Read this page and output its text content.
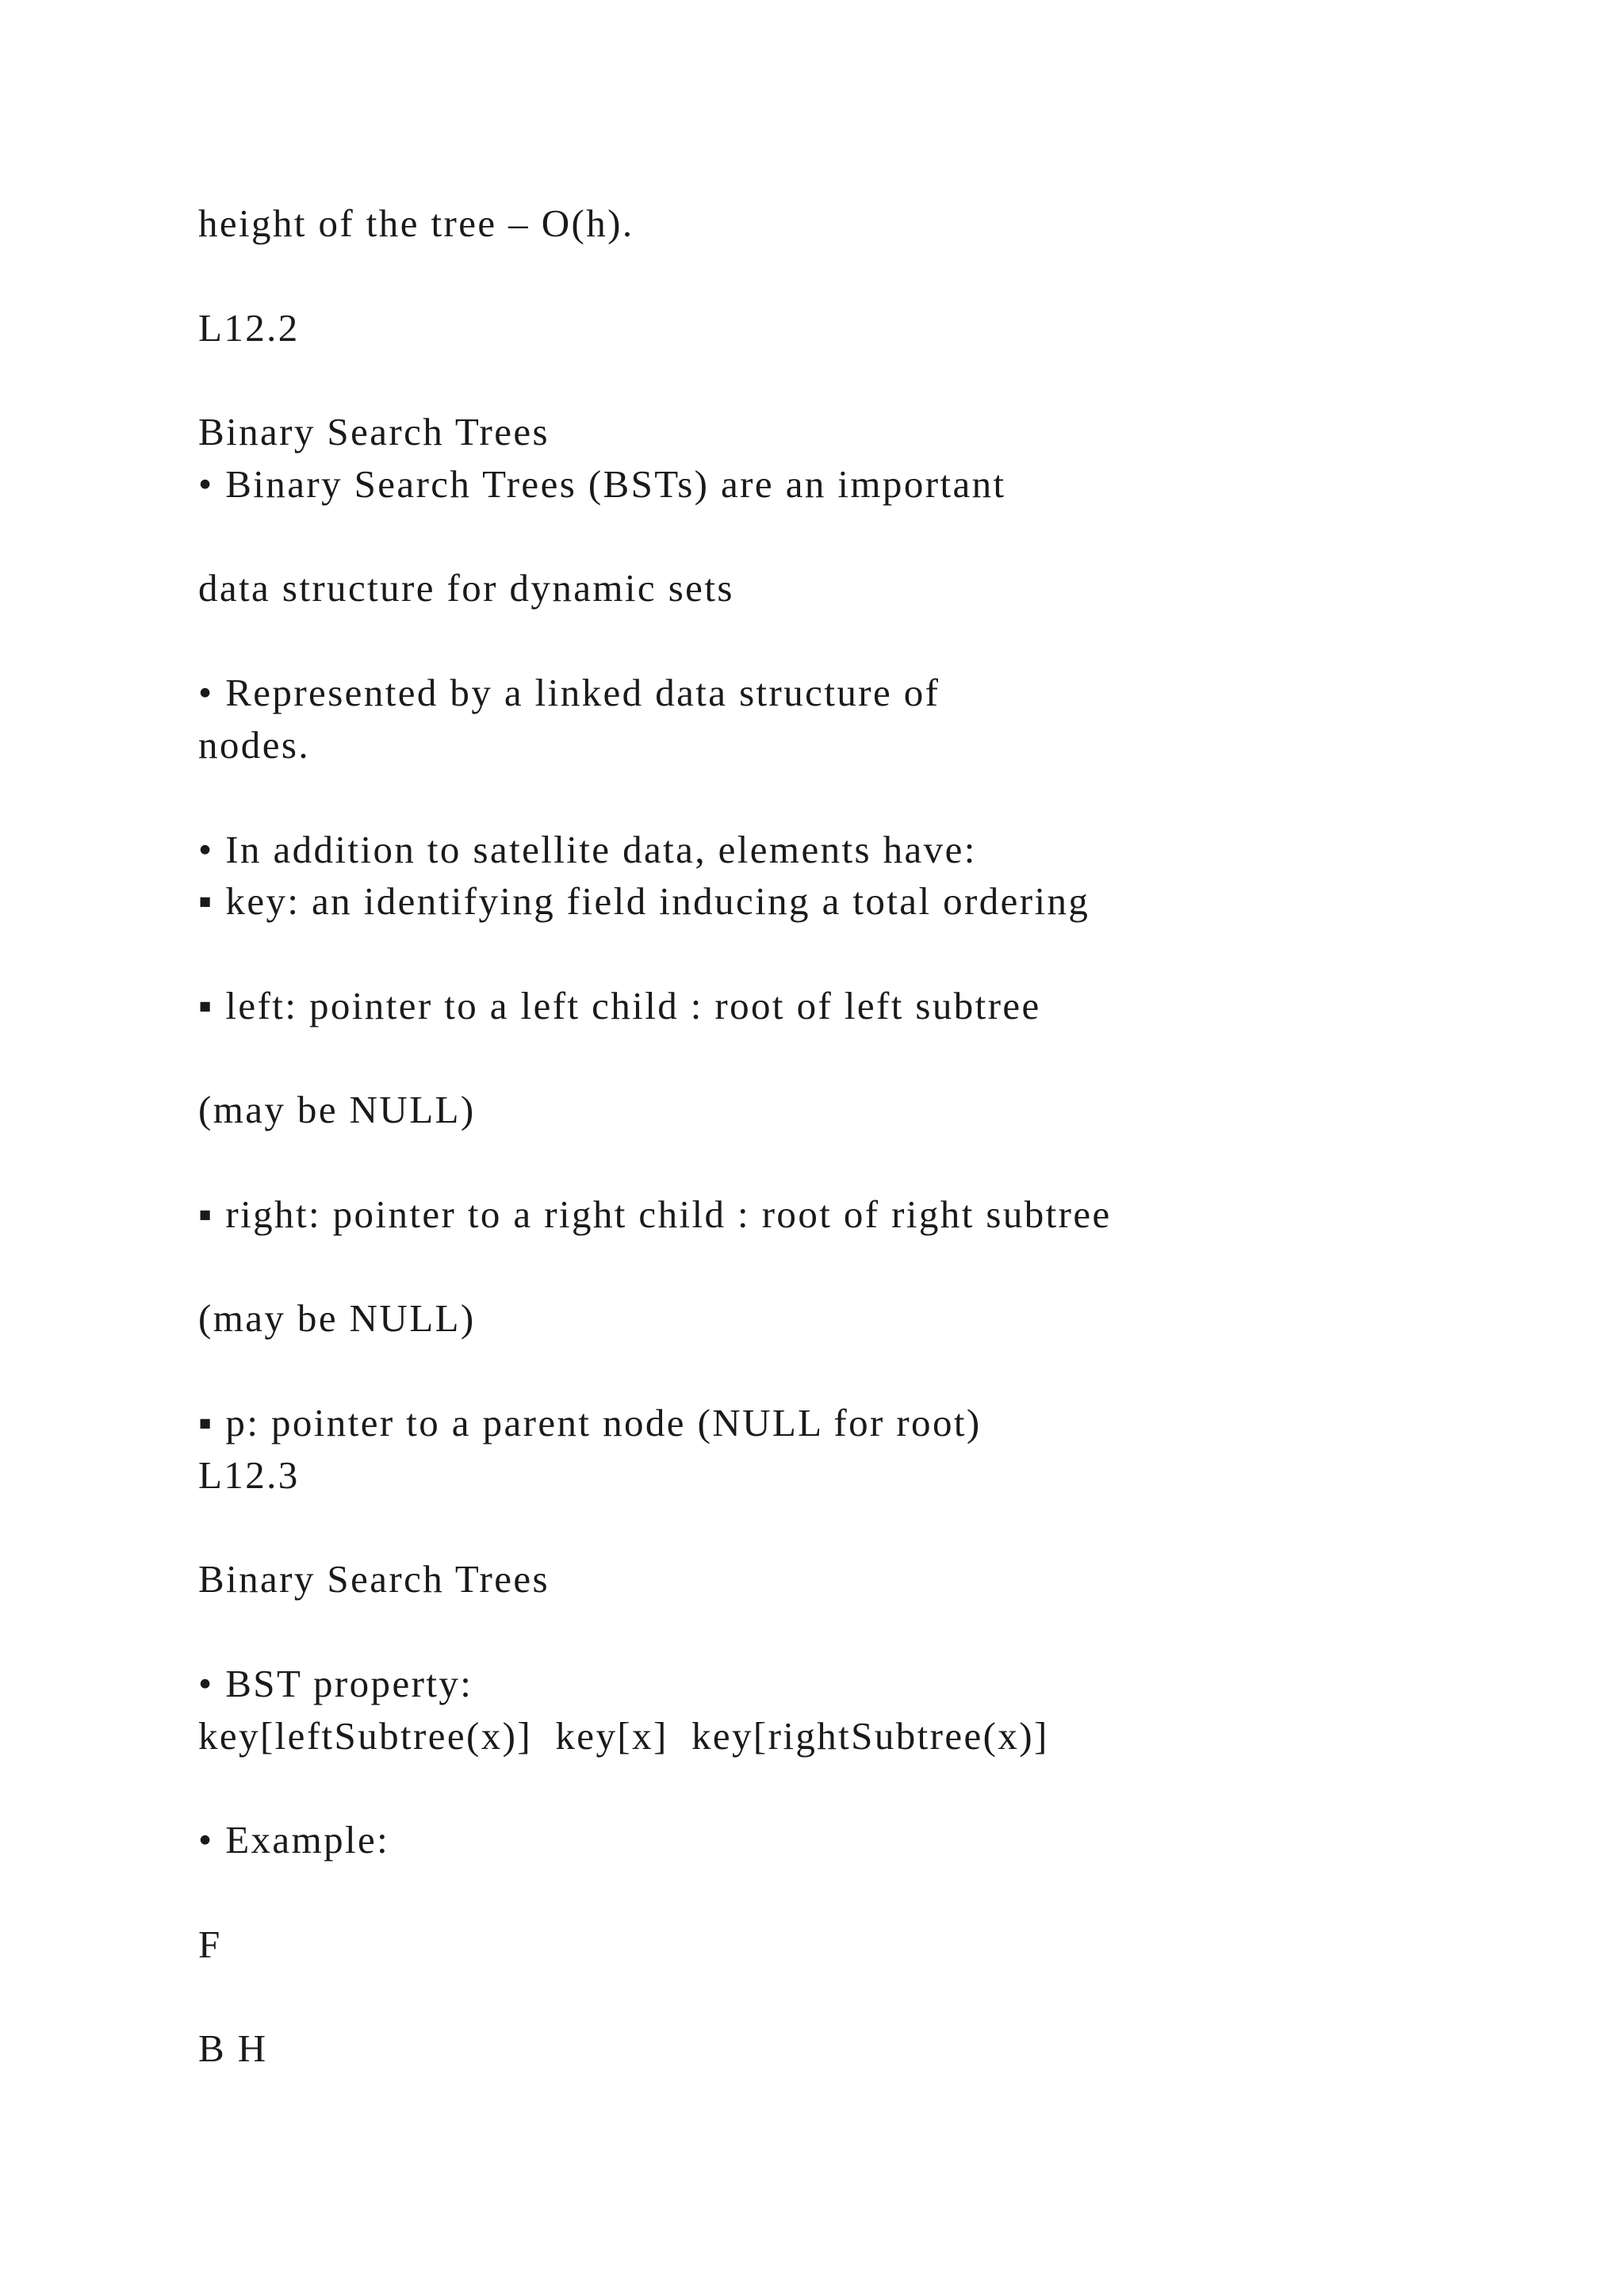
height of the tree – O(h).

L12.2

Binary Search Trees

• Binary Search Trees (BSTs) are an important

data structure for dynamic sets

• Represented by a linked data structure of

nodes.

• In addition to satellite data, elements have:

▪ key: an identifying field inducing a total ordering

▪ left: pointer to a left child : root of left subtree

(may be NULL)

▪ right: pointer to a right child : root of right subtree

(may be NULL)

▪ p: pointer to a parent node (NULL for root)

L12.3

Binary Search Trees

• BST property:

key[leftSubtree(x)]  key[x]  key[rightSubtree(x)]

• Example:

F

B H
